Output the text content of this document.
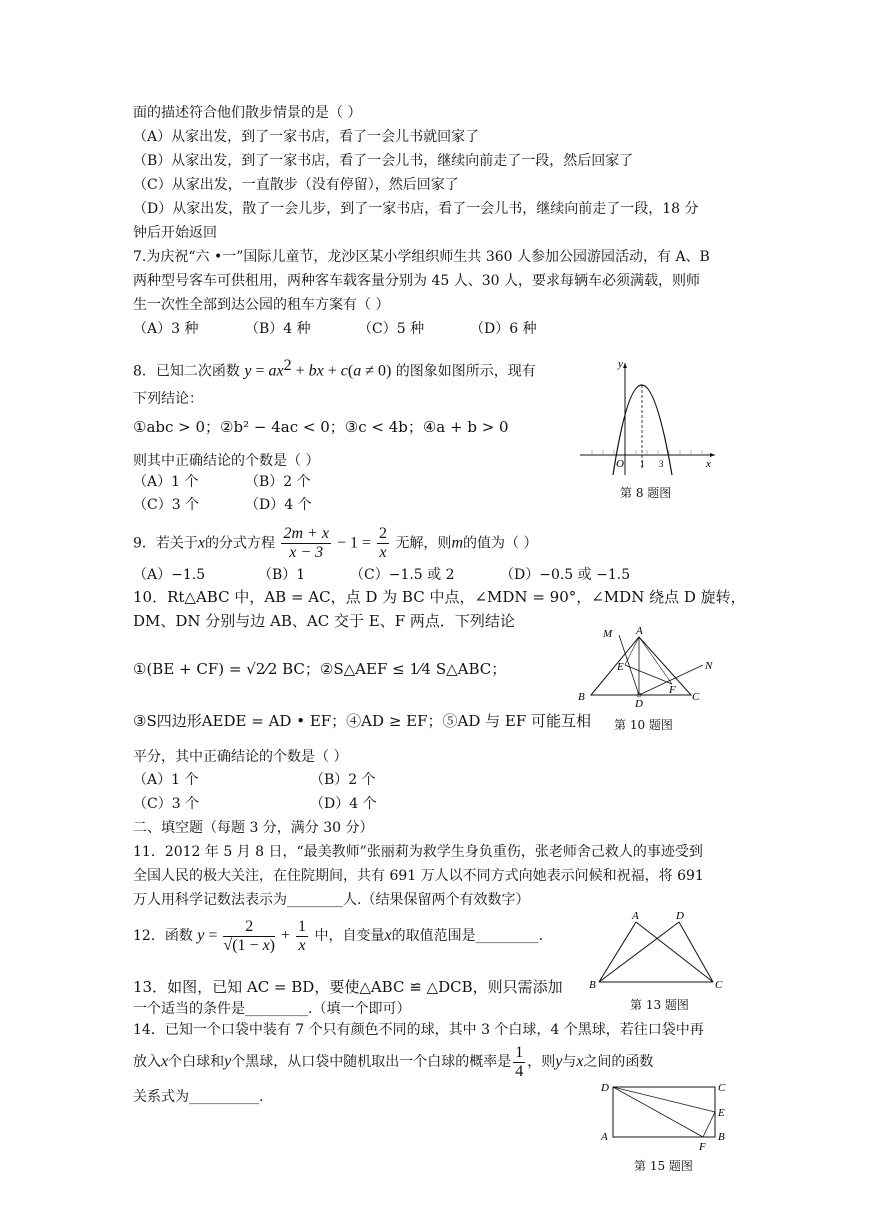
面的描述符合他们散步情景的是（ ）
（A）从家出发，到了一家书店，看了一会儿书就回家了
（B）从家出发，到了一家书店，看了一会儿书，继续向前走了一段，然后回家了
（C）从家出发，一直散步（没有停留），然后回家了
（D）从家出发，散了一会儿步，到了一家书店，看了一会儿书，继续向前走了一段，18 分
钟后开始返回
7.为庆祝“六 •一”国际儿童节，龙沙区某小学组织师生共 360 人参加公园游园活动，有 A、B
两种型号客车可供租用，两种客车载客量分别为 45 人、30 人，要求每辆车必须满载，则师
生一次性全部到达公园的租车方案有（ ）
（A）3 种	（B）4 种	（C）5 种	（D）6 种
8．已知二次函数 $y = ax^2$ + bx + c(a ≠ 0) 的图象如图所示，现有
下列结论：
①abc > 0；②b² − 4ac < 0；③c < 4b；④a + b > 0
则其中正确结论的个数是（ ）
（A）1 个	（B）2 个
（C）3 个	（D）4 个
y
x
O 1 3
第 8 题图
9．若关于x的分式方程 $\frac{2m + x}{x - 3} - 1 = \frac{2}{x}$ 无解，则m的值为（ ）
（A）−1.5	（B）1	（C）−1.5 或 2	（D）−0.5 或 −1.5
10．Rt△ABC 中，AB = AC，点 D 为 BC 中点，∠MDN = 90°，∠MDN 绕点 D 旋转，
DM、DN 分别与边 AB、AC 交于 E、F 两点．下列结论
①(BE + CF) = √2⁄2 BC；②S△AEF ≤ 1⁄4 S△ABC；
③S四边形AEDE = AD • EF；④AD ≥ EF；⑤AD 与 EF 可能互相
平分，其中正确结论的个数是（ ）
（A）1 个	（B）2 个
（C）3 个	（D）4 个
M A
E	N
B
F
C
D
第 10 题图
二、填空题（每题 3 分，满分 30 分）
11．2012 年 5 月 8 日，“最美教师”张丽莉为救学生身负重伤，张老师舍己救人的事迹受到
全国人民的极大关注，在住院期间，共有 691 万人以不同方式向她表示问候和祝福，将 691
万人用科学记数法表示为________人.（结果保留两个有效数字）
12．函数 $y = \frac{2}{√(1 - x)} + \frac{1}{x}$ 中，自变量x的取值范围是_________.
A	D
B	C
第 13 题图
13．如图，已知 AC = BD，要使△ABC ≌ △DCB，则只需添加
一个适当的条件是_________.（填一个即可）
14．已知一个口袋中装有 7 个只有颜色不同的球，其中 3 个白球，4 个黑球，若往口袋中再
放入x个白球和y个黑球，从口袋中随机取出一个白球的概率是 $\frac{1}{4}$ ，则y与x之间的函数
关系式为__________.
D	C
E
A
F
B
第 15 题图
